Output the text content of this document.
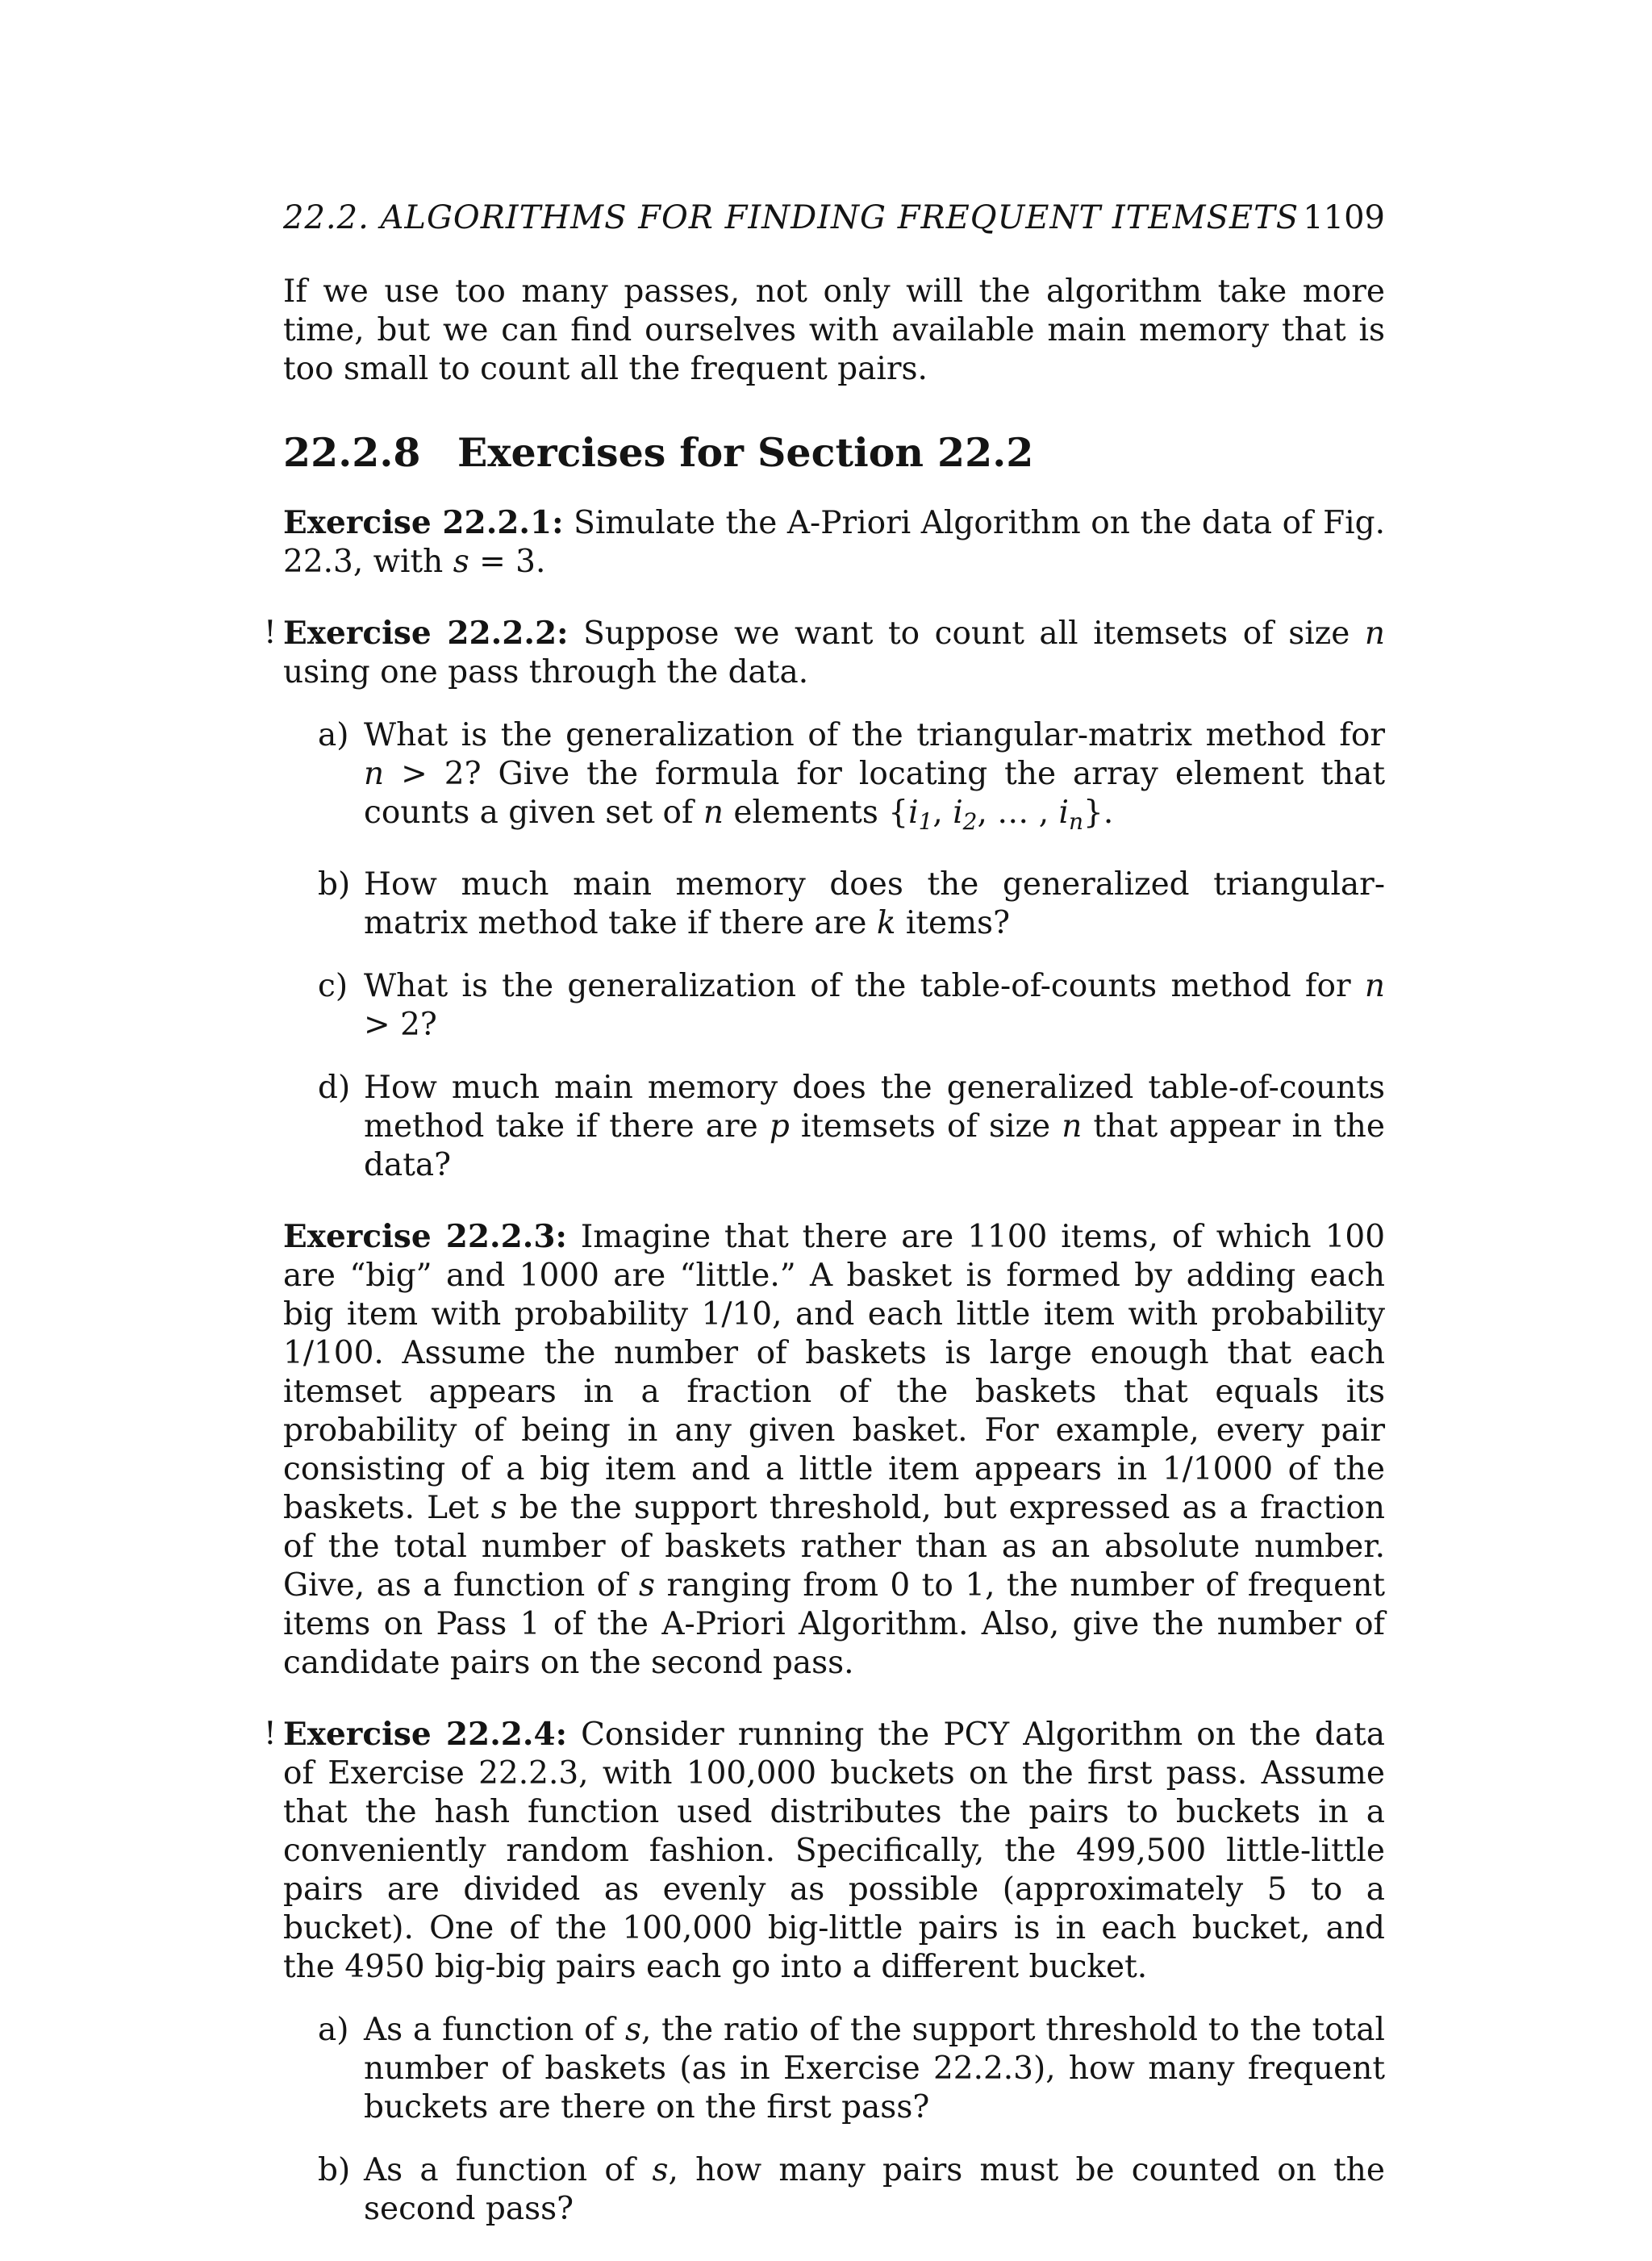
22.2. ALGORITHMS FOR FINDING FREQUENT ITEMSETS 1109

If we use too many passes, not only will the algorithm take more time, but we can find ourselves with available main memory that is too small to count all the frequent pairs.

22.2.8 Exercises for Section 22.2

Exercise 22.2.1: Simulate the A-Priori Algorithm on the data of Fig. 22.3, with s = 3.

! Exercise 22.2.2: Suppose we want to count all itemsets of size n using one pass through the data.

a) What is the generalization of the triangular-matrix method for n > 2? Give the formula for locating the array element that counts a given set of n elements {$i_1$, $i_2$, … , $i_n$}.
b) How much main memory does the generalized triangular-matrix method take if there are k items?
c) What is the generalization of the table-of-counts method for n > 2?
d) How much main memory does the generalized table-of-counts method take if there are p itemsets of size n that appear in the data?

Exercise 22.2.3: Imagine that there are 1100 items, of which 100 are “big” and 1000 are “little.” A basket is formed by adding each big item with probability 1/10, and each little item with probability 1/100. Assume the number of baskets is large enough that each itemset appears in a fraction of the baskets that equals its probability of being in any given basket. For example, every pair consisting of a big item and a little item appears in 1/1000 of the baskets. Let s be the support threshold, but expressed as a fraction of the total number of baskets rather than as an absolute number. Give, as a function of s ranging from 0 to 1, the number of frequent items on Pass 1 of the A-Priori Algorithm. Also, give the number of candidate pairs on the second pass.

! Exercise 22.2.4: Consider running the PCY Algorithm on the data of Exercise 22.2.3, with 100,000 buckets on the first pass. Assume that the hash function used distributes the pairs to buckets in a conveniently random fashion. Specifically, the 499,500 little-little pairs are divided as evenly as possible (approximately 5 to a bucket). One of the 100,000 big-little pairs is in each bucket, and the 4950 big-big pairs each go into a different bucket.

a) As a function of s, the ratio of the support threshold to the total number of baskets (as in Exercise 22.2.3), how many frequent buckets are there on the first pass?
b) As a function of s, how many pairs must be counted on the second pass?
